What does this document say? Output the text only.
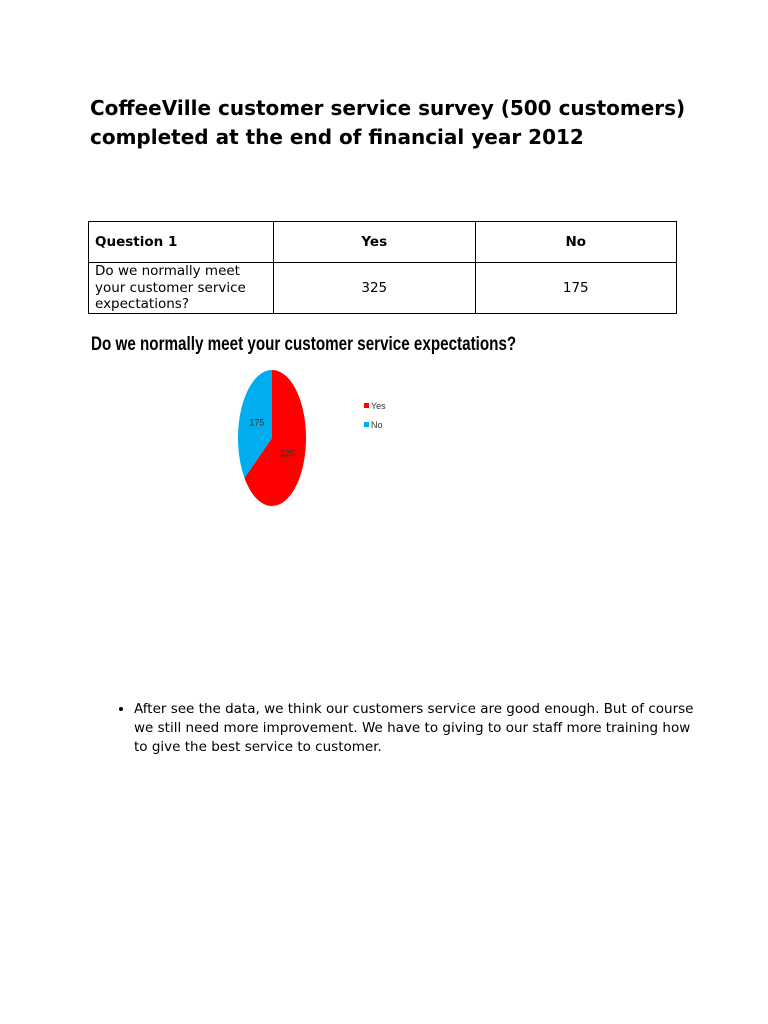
CoffeeVille customer service survey (500 customers) completed at the end of financial year 2012
Question 1	Yes	No
Do we normally meet your customer service expectations?	325	175
Do we normally meet your customer service expectations?
325
175
Yes
No
• After see the data, we think our customers service are good enough. But of course we still need more improvement. We have to giving to our staff more training how to give the best service to customer.
